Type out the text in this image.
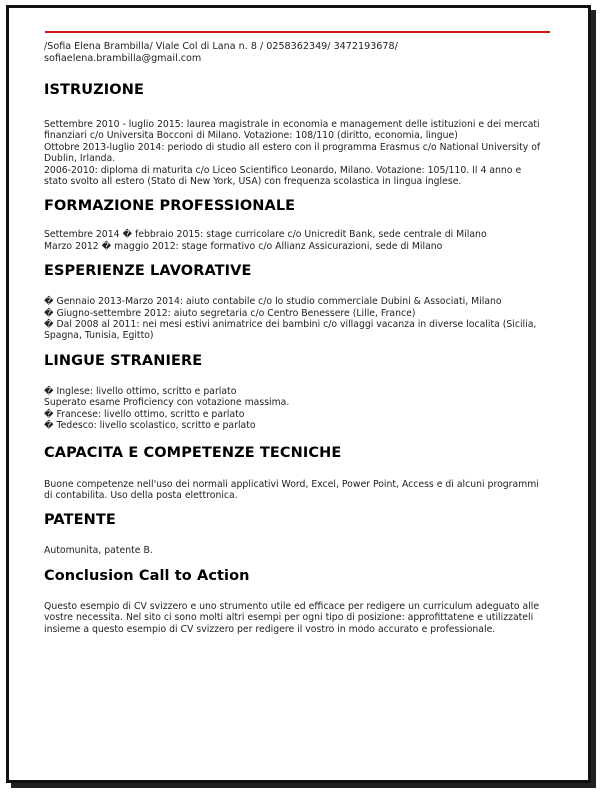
/Sofia Elena Brambilla/ Viale Col di Lana n. 8 / 0258362349/ 3472193678/

sofiaelena.brambilla@gmail.com

ISTRUZIONE

Settembre 2010 - luglio 2015: laurea magistrale in economia e management delle istituzioni e dei mercati finanziari c/o Universita Bocconi di Milano. Votazione: 108/110 (diritto, economia, lingue)

Ottobre 2013-luglio 2014: periodo di studio all estero con il programma Erasmus c/o National University of Dublin, Irlanda.

2006-2010: diploma di maturita c/o Liceo Scientifico Leonardo, Milano. Votazione: 105/110. Il 4 anno e stato svolto all estero (Stato di New York, USA) con frequenza scolastica in lingua inglese.

FORMAZIONE PROFESSIONALE

Settembre 2014 � febbraio 2015: stage curricolare c/o Unicredit Bank, sede centrale di Milano

Marzo 2012 � maggio 2012: stage formativo c/o Allianz Assicurazioni, sede di Milano

ESPERIENZE LAVORATIVE

� Gennaio 2013-Marzo 2014: aiuto contabile c/o lo studio commerciale Dubini & Associati, Milano

� Giugno-settembre 2012: aiuto segretaria c/o Centro Benessere (Lille, France)

� Dal 2008 al 2011: nei mesi estivi animatrice dei bambini c/o villaggi vacanza in diverse localita (Sicilia, Spagna, Tunisia, Egitto)

LINGUE STRANIERE

� Inglese: livello ottimo, scritto e parlato

Superato esame Proficiency con votazione massima.

� Francese: livello ottimo, scritto e parlato

� Tedesco: livello scolastico, scritto e parlato

CAPACITA E COMPETENZE TECNICHE

Buone competenze nell'uso dei normali applicativi Word, Excel, Power Point, Access e di alcuni programmi di contabilita. Uso della posta elettronica.

PATENTE

Automunita, patente B.

Conclusion Call to Action

Questo esempio di CV svizzero e uno strumento utile ed efficace per redigere un curriculum adeguato alle vostre necessita. Nel sito ci sono molti altri esempi per ogni tipo di posizione: approfittatene e utilizzateli insieme a questo esempio di CV svizzero per redigere il vostro in modo accurato e professionale.
